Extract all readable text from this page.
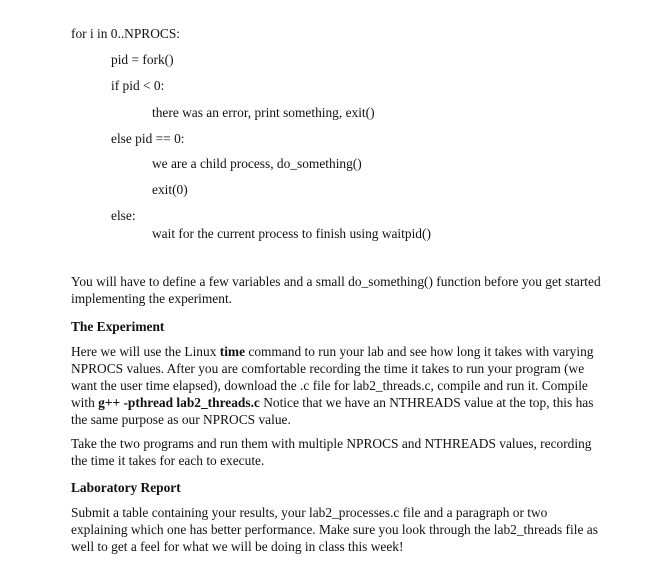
for i in 0..NPROCS:
pid = fork()
if pid < 0:
there was an error, print something, exit()
else pid == 0:
we are a child process, do_something()
exit(0)
else:
wait for the current process to finish using waitpid()
You will have to define a few variables and a small do_something() function before you get started implementing the experiment.
The Experiment
Here we will use the Linux time command to run your lab and see how long it takes with varying NPROCS values. After you are comfortable recording the time it takes to run your program (we want the user time elapsed), download the .c file for lab2_threads.c, compile and run it. Compile with g++ -pthread lab2_threads.c Notice that we have an NTHREADS value at the top, this has the same purpose as our NPROCS value.
Take the two programs and run them with multiple NPROCS and NTHREADS values, recording the time it takes for each to execute.
Laboratory Report
Submit a table containing your results, your lab2_processes.c file and a paragraph or two explaining which one has better performance. Make sure you look through the lab2_threads file as well to get a feel for what we will be doing in class this week!
